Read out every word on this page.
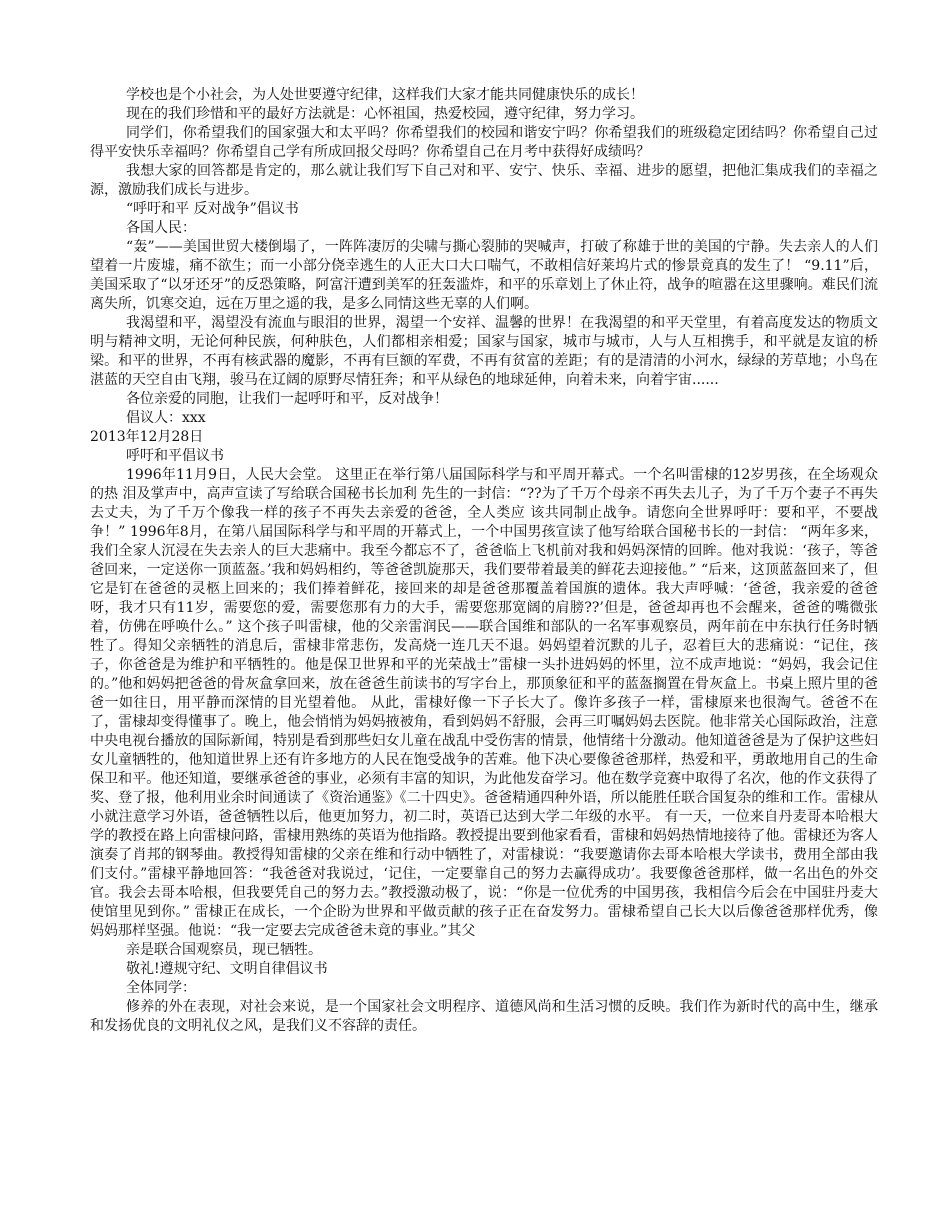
学校也是个小社会，为人处世要遵守纪律，这样我们大家才能共同健康快乐的成长！

现在的我们珍惜和平的最好方法就是：心怀祖国，热爱校园，遵守纪律，努力学习。

同学们，你希望我们的国家强大和太平吗？你希望我们的校园和谐安宁吗？你希望我们的班级稳定团结吗？你希望自己过得平安快乐幸福吗？你希望自己学有所成回报父母吗？你希望自己在月考中获得好成绩吗？

我想大家的回答都是肯定的，那么就让我们写下自己对和平、安宁、快乐、幸福、进步的愿望，把他汇集成我们的幸福之源，激励我们成长与进步。

“呼吁和平 反对战争”倡议书

各国人民：

“轰”——美国世贸大楼倒塌了，一阵阵凄厉的尖啸与撕心裂肺的哭喊声，打破了称雄于世的美国的宁静。失去亲人的人们望着一片废墟，痛不欲生；而一小部分侥幸逃生的人正大口大口喘气，不敢相信好莱坞片式的惨景竟真的发生了！ “9.11”后，美国采取了“以牙还牙”的反恐策略，阿富汗遭到美军的狂轰滥炸，和平的乐章划上了休止符，战争的喧嚣在这里骤响。难民们流离失所，饥寒交迫，远在万里之遥的我，是多么同情这些无辜的人们啊。

我渴望和平，渴望没有流血与眼泪的世界，渴望一个安祥、温馨的世界！在我渴望的和平天堂里，有着高度发达的物质文明与精神文明，无论何种民族，何种肤色，人们都相亲相爱；国家与国家，城市与城市，人与人互相携手，和平就是友谊的桥梁。和平的世界，不再有核武器的魔影，不再有巨额的军费，不再有贫富的差距；有的是清清的小河水，绿绿的芳草地；小鸟在湛蓝的天空自由飞翔，骏马在辽阔的原野尽情狂奔；和平从绿色的地球延伸，向着未来，向着宇宙......

各位亲爱的同胞，让我们一起呼吁和平，反对战争！

倡议人：xxx

2013年12月28日

呼吁和平倡议书

1996年11月9日，人民大会堂。 这里正在举行第八届国际科学与和平周开幕式。一个名叫雷棣的12岁男孩，在全场观众的热 泪及掌声中，高声宣读了写给联合国秘书长加利 先生的一封信：“??为了千万个母亲不再失去儿子，为了千万个妻子不再失去丈夫，为了千万个像我一样的孩子不再失去亲爱的爸爸，全人类应 该共同制止战争。请您向全世界呼吁：要和平，不要战争！” 1996年8月，在第八届国际科学与和平周的开幕式上，一个中国男孩宣读了他写给联合国秘书长的一封信： “两年多来，我们全家人沉浸在失去亲人的巨大悲痛中。我至今都忘不了，爸爸临上飞机前对我和妈妈深情的回眸。他对我说：‘孩子，等爸爸回来，一定送你一顶蓝盔。’我和妈妈相约，等爸爸凯旋那天，我们要带着最美的鲜花去迎接他。” “后来，这顶蓝盔回来了，但它是钉在爸爸的灵柩上回来的；我们捧着鲜花，接回来的却是爸爸那覆盖着国旗的遗体。我大声呼喊：‘爸爸，我亲爱的爸爸呀，我才只有11岁，需要您的爱，需要您那有力的大手，需要您那宽阔的肩膀??’但是，爸爸却再也不会醒来，爸爸的嘴微张着，仿佛在呼唤什么。” 这个孩子叫雷棣，他的父亲雷润民——联合国维和部队的一名军事观察员，两年前在中东执行任务时牺牲了。得知父亲牺牲的消息后，雷棣非常悲伤，发高烧一连几天不退。妈妈望着沉默的儿子，忍着巨大的悲痛说：“记住，孩子，你爸爸是为维护和平牺牲的。他是保卫世界和平的光荣战士”雷棣一头扑进妈妈的怀里，泣不成声地说：“妈妈，我会记住的。”他和妈妈把爸爸的骨灰盒拿回来，放在爸爸生前读书的写字台上，那顶象征和平的蓝盔搁置在骨灰盒上。书桌上照片里的爸爸一如往日，用平静而深情的目光望着他。 从此，雷棣好像一下子长大了。像许多孩子一样，雷棣原来也很淘气。爸爸不在了，雷棣却变得懂事了。晚上，他会悄悄为妈妈掖被角，看到妈妈不舒服，会再三叮嘱妈妈去医院。他非常关心国际政治，注意中央电视台播放的国际新闻，特别是看到那些妇女儿童在战乱中受伤害的情景，他情绪十分激动。他知道爸爸是为了保护这些妇女儿童牺牲的，他知道世界上还有许多地方的人民在饱受战争的苦难。他下决心要像爸爸那样，热爱和平，勇敢地用自己的生命保卫和平。他还知道，要继承爸爸的事业，必须有丰富的知识，为此他发奋学习。他在数学竞赛中取得了名次，他的作文获得了奖、登了报，他利用业余时间通读了《资治通鉴》《二十四史》。爸爸精通四种外语，所以能胜任联合国复杂的维和工作。雷棣从小就注意学习外语，爸爸牺牲以后，他更加努力，初二时，英语已达到大学二年级的水平。 有一天，一位来自丹麦哥本哈根大学的教授在路上向雷棣问路，雷棣用熟练的英语为他指路。教授提出要到他家看看，雷棣和妈妈热情地接待了他。雷棣还为客人演奏了肖邦的钢琴曲。教授得知雷棣的父亲在维和行动中牺牲了，对雷棣说：“我要邀请你去哥本哈根大学读书，费用全部由我们支付。”雷棣平静地回答：“我爸爸对我说过，‘记住，一定要靠自己的努力去赢得成功’。我要像爸爸那样，做一名出色的外交官。我会去哥本哈根，但我要凭自己的努力去。”教授激动极了，说：“你是一位优秀的中国男孩，我相信今后会在中国驻丹麦大使馆里见到你。” 雷棣正在成长，一个企盼为世界和平做贡献的孩子正在奋发努力。雷棣希望自己长大以后像爸爸那样优秀，像妈妈那样坚强。他说：“我一定要去完成爸爸未竟的事业。”其父

亲是联合国观察员，现已牺牲。

敬礼!遵规守纪、文明自律倡议书

全体同学：

修养的外在表现，对社会来说，是一个国家社会文明程序、道德风尚和生活习惯的反映。我们作为新时代的高中生，继承和发扬优良的文明礼仪之风，是我们义不容辞的责任。
